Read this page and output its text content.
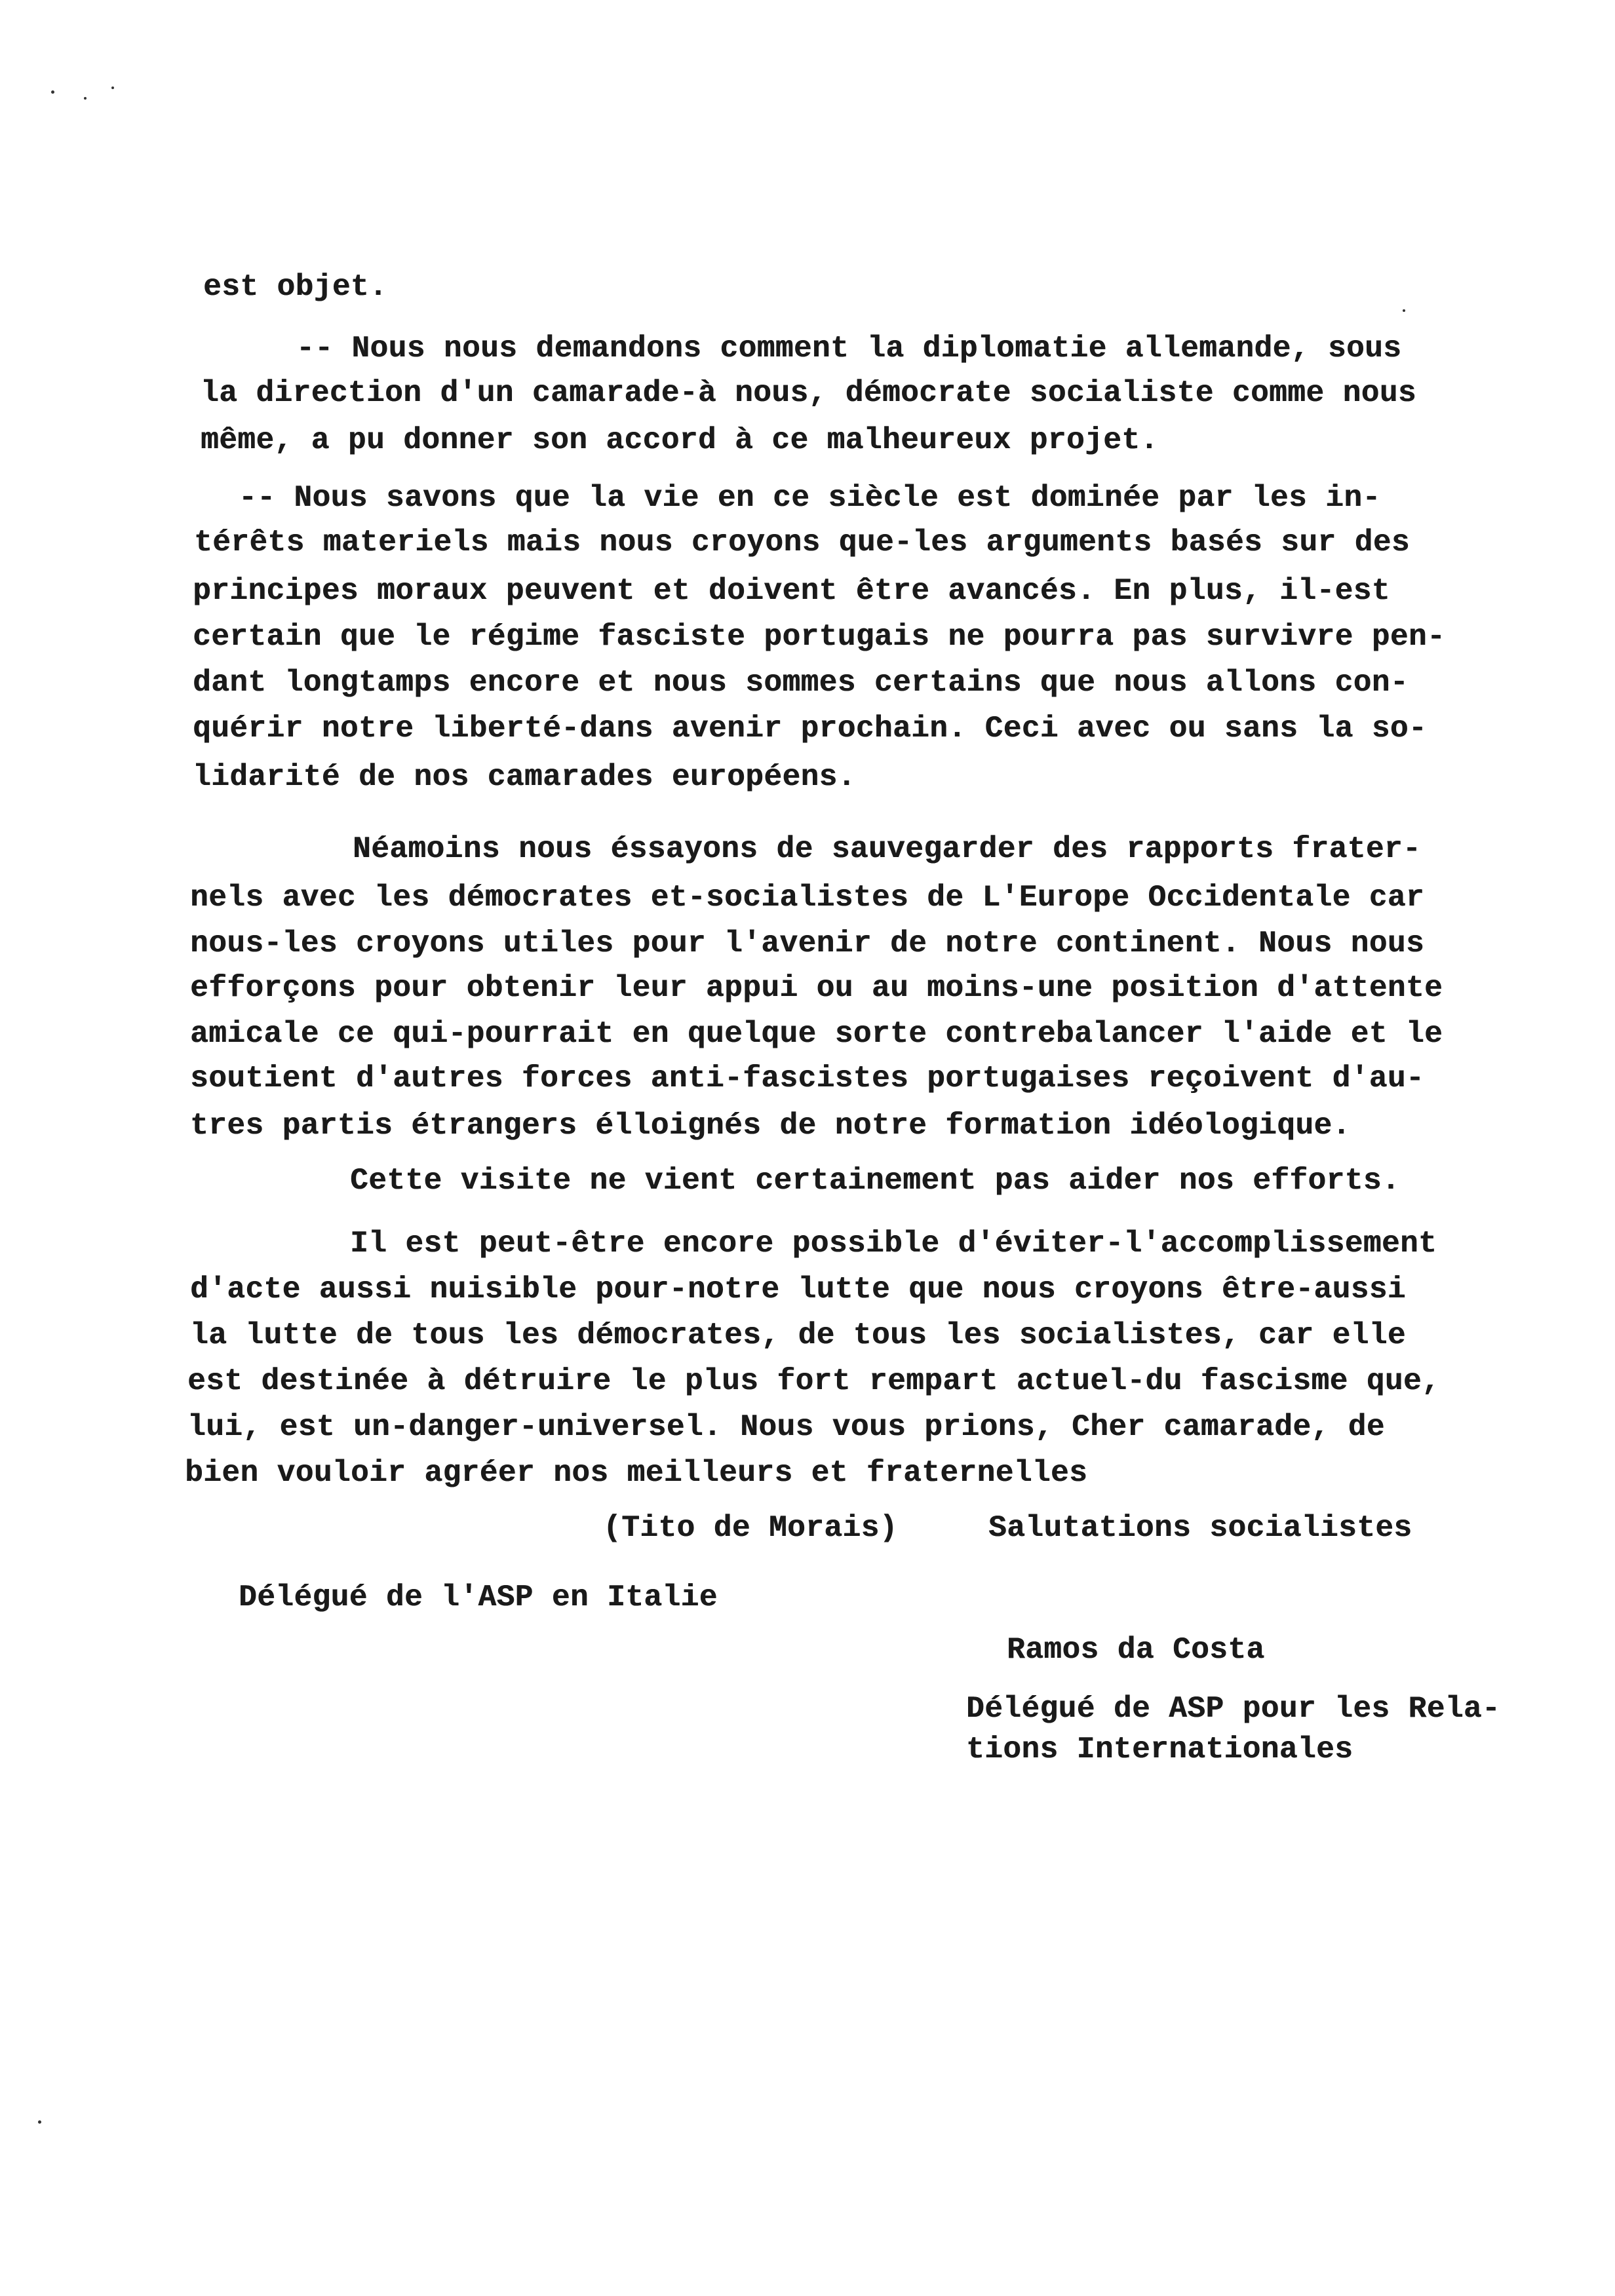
est objet.
-- Nous nous demandons comment la diplomatie allemande, sous
la direction d'un camarade-à nous, démocrate socialiste comme nous
même, a pu donner son accord à ce malheureux projet.
-- Nous savons que la vie en ce siècle est dominée par les in-
térêts materiels mais nous croyons que-les arguments basés sur des
principes moraux peuvent et doivent être avancés. En plus, il-est
certain que le régime fasciste portugais ne pourra pas survivre pen-
dant longtamps encore et nous sommes certains que nous allons con-
quérir notre liberté-dans avenir prochain. Ceci avec ou sans la so-
lidarité de nos camarades européens.
Néamoins nous éssayons de sauvegarder des rapports frater-
nels avec les démocrates et-socialistes de L'Europe Occidentale car
nous-les croyons utiles pour l'avenir de notre continent. Nous nous
efforçons pour obtenir leur appui ou au moins-une position d'attente
amicale ce qui-pourrait en quelque sorte contrebalancer l'aide et le
soutient d'autres forces anti-fascistes portugaises reçoivent d'au-
tres partis étrangers élloignés de notre formation idéologique.
Cette visite ne vient certainement pas aider nos efforts.
Il est peut-être encore possible d'éviter-l'accomplissement
d'acte aussi nuisible pour-notre lutte que nous croyons être-aussi
la lutte de tous les démocrates, de tous les socialistes, car elle
est destinée à détruire le plus fort rempart actuel-du fascisme que,
lui, est un-danger-universel. Nous vous prions, Cher camarade, de
bien vouloir agréer nos meilleurs et fraternelles
(Tito de Morais)	Salutations socialistes
Délégué de l'ASP en Italie
Ramos da Costa
Délégué de ASP pour les Rela-
tions Internationales
